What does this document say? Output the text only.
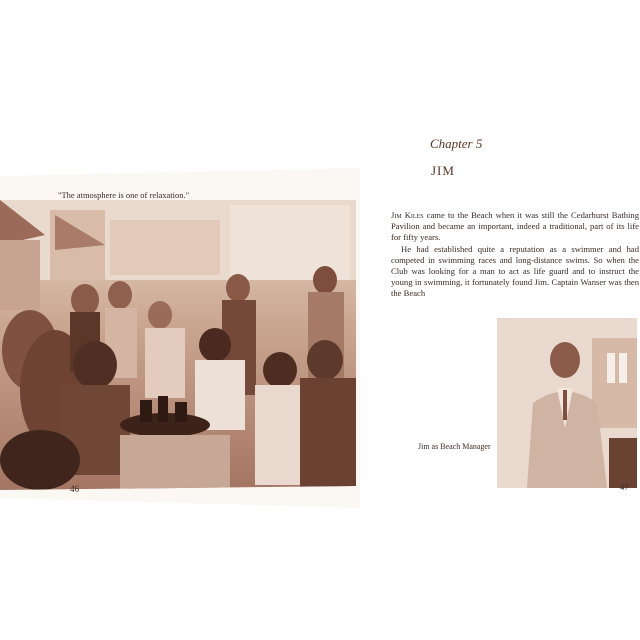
"The atmosphere is one of relaxation."
46
Chapter 5
JIM

Jim Kiles came to the Beach when it was still the Cedarhurst Bathing Pavilion and became an important, indeed a traditional, part of its life for fifty years.

He had established quite a reputation as a swimmer and had competed in swimming races and long-distance swims. So when the Club was looking for a man to act as life guard and to instruct the young in swimming, it fortunately found Jim. Captain Wanser was then the Beach

Jim as Beach Manager
47
